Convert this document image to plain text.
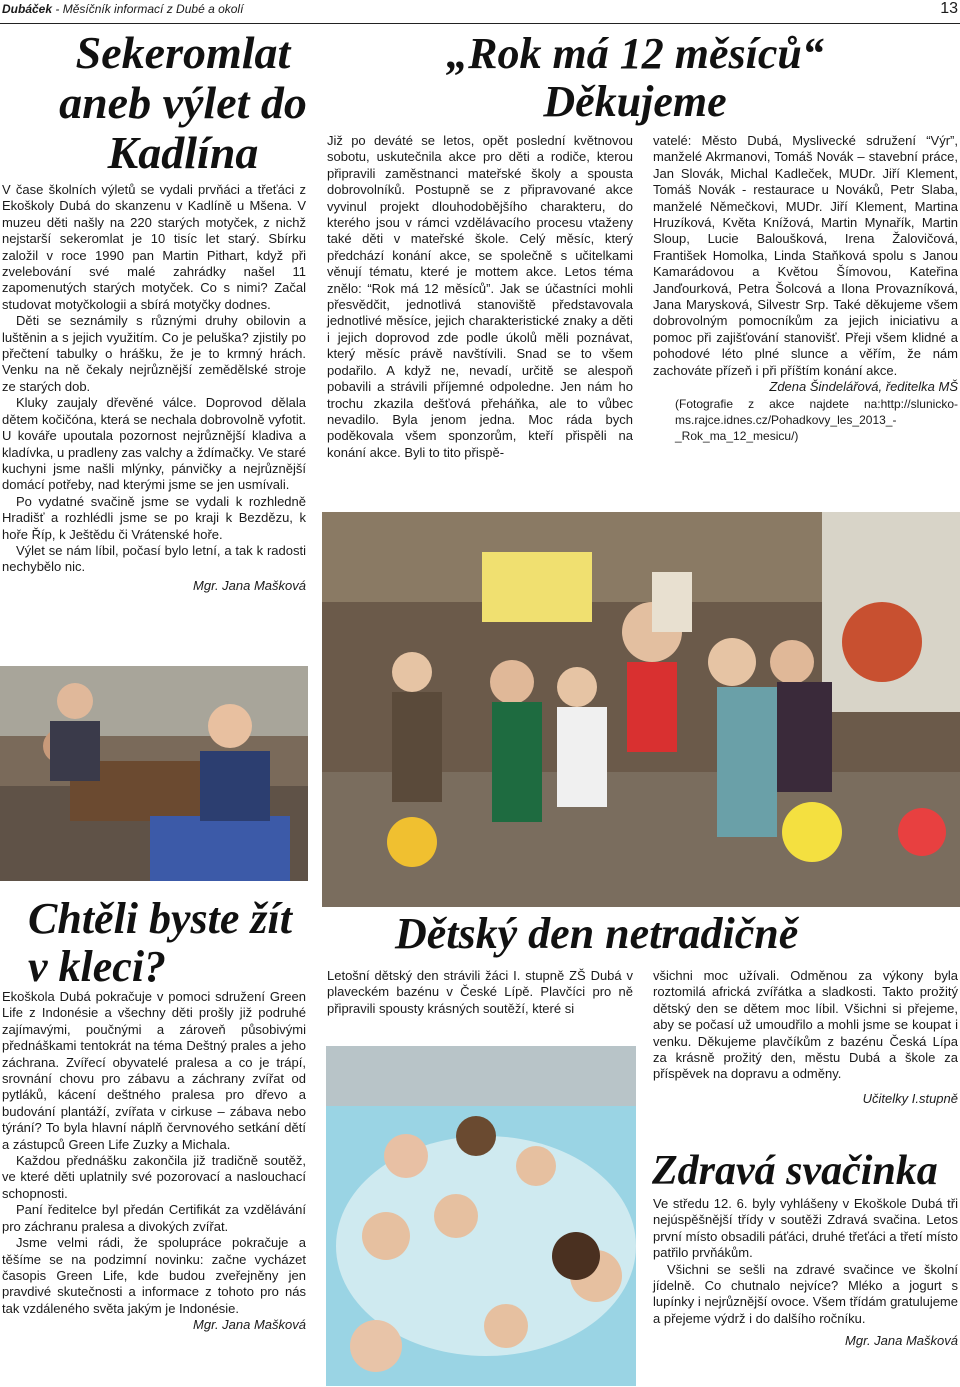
Dubáček - Měsíčník informací z Dubé a okolí	13
Sekeromlat aneb výlet do Kadlína

V čase školních výletů se vydali prvňáci a třeťáci z Ekoškoly Dubá do skanzenu v Kadlíně u Mšena. V muzeu děti našly na 220 starých motyček, z nichž nejstarší sekeromlat je 10 tisíc let starý. Sbírku založil v roce 1990 pan Martin Pithart, když při zvelebování své malé zahrádky našel 11 zapomenutých starých motyček. Co s nimi? Začal studovat motyčkologii a sbírá motyčky dodnes.

Děti se seznámily s různými druhy obilovin a luštěnin a s jejich využitím. Co je peluška? zjistily po přečtení tabulky o hrášku, že je to krmný hrách. Venku na ně čekaly nejrůznější zemědělské stroje ze starých dob.

Kluky zaujaly dřevěné válce. Doprovod dělala dětem kočičóna, která se nechala dobrovolně vyfotit. U kováře upoutala pozornost nejrůznější kladiva a kladívka, u pradleny zas valchy a ždímačky. Ve staré kuchyni jsme našli mlýnky, pánvičky a nejrůznější domácí potřeby, nad kterými jsme se jen usmívali.

Po vydatné svačině jsme se vydali k rozhledně Hradišť a rozhlédli jsme se po kraji k Bezdězu, k hoře Říp, k Ještědu či Vrátenské hoře.

Výlet se nám líbil, počasí bylo letní, a tak k radosti nechybělo nic.

Mgr. Jana Mašková

„Rok má 12 měsíců“ Děkujeme

Již po deváté se letos, opět poslední květnovou sobotu, uskutečnila akce pro děti a rodiče, kterou připravili zaměstnanci mateřské školy a spousta dobrovolníků. Postupně se z připravované akce vyvinul projekt dlouhodobějšího charakteru, do kterého jsou v rámci vzdělávacího procesu vtaženy také děti v mateřské škole. Celý měsíc, který předchází konání akce, se společně s učitelkami věnují tématu, které je mottem akce. Letos téma znělo: “Rok má 12 měsíců”. Jak se účastníci mohli přesvědčit, jednotlivá stanoviště představovala jednotlivé měsíce, jejich charakteristické znaky a děti i jejich doprovod zde podle úkolů měli poznávat, který měsíc právě navštívili. Snad se to všem podařilo. A když ne, nevadí, určitě se alespoň pobavili a strávili příjemné odpoledne. Jen nám ho trochu zkazila dešťová přeháňka, ale to vůbec nevadilo. Byla jenom jedna. Moc ráda bych poděkovala všem sponzorům, kteří přispěli na konání akce. Byli to tito přispě-

vatelé: Město Dubá, Myslivecké sdružení “Výr”, manželé Akrmanovi, Tomáš Novák – stavební práce, Jan Slovák, Michal Kadleček, MUDr. Jiří Klement, Tomáš Novák - restaurace u Nováků, Petr Slaba, manželé Němečkovi, MUDr. Jiří Klement, Martina Hruzíková, Květa Knížová, Martin Mynařík, Martin Sloup, Lucie Baloušková, Irena Žalovičová, František Homolka, Linda Staňková spolu s Janou Kamarádovou a Květou Šímovou, Kateřina Janďourková, Petra Šolcová a Ilona Provazníková, Jana Marysková, Silvestr Srp. Také děkujeme všem dobrovolným pomocníkům za jejich iniciativu a pomoc při zajišťování stanovišť. Přeji všem klidné a pohodové léto plné slunce a věřím, že nám zachováte přízeň i při příštím konání akce.

Zdena Šindelářová, ředitelka MŠ

(Fotografie z akce najdete na:http://slunicko-ms.rajce.idnes.cz/Pohadkovy_les_2013_-_Rok_ma_12_mesicu/)

Chtěli byste žít v kleci?

Ekoškola Dubá pokračuje v pomoci sdružení Green Life z Indonésie a všechny děti prošly již podruhé zajímavými, poučnými a zároveň působivými přednáškami tentokrát na téma Deštný prales a jeho záchrana. Zvířecí obyvatelé pralesa a co je trápí, srovnání chovu pro zábavu a záchrany zvířat od pytláků, kácení deštného pralesa pro dřevo a budování plantáží, zvířata v cirkuse – zábava nebo týrání? To byla hlavní náplň červnového setkání dětí a zástupců Green Life Zuzky a Michala.

Každou přednášku zakončila již tradičně soutěž, ve které děti uplatnily své pozorovací a naslouchací schopnosti.

Paní ředitelce byl předán Certifikát za vzdělávání pro záchranu pralesa a divokých zvířat.

Jsme velmi rádi, že spolupráce pokračuje a těšíme se na podzimní novinku: začne vycházet časopis Green Life, kde budou zveřejněny jen pravdivé skutečnosti a informace z tohoto pro nás tak vzdáleného světa jakým je Indonésie.

Mgr. Jana Mašková

Dětský den netradičně

Letošní dětský den strávili žáci I. stupně ZŠ Dubá v plaveckém bazénu v České Lípě. Plavčíci pro ně připravili spousty krásných soutěží, které si

všichni moc užívali. Odměnou za výkony byla roztomilá africká zvířátka a sladkosti. Takto prožitý dětský den se dětem moc líbil. Všichni si přejeme, aby se počasí už umoudřilo a mohli jsme se koupat i venku. Děkujeme plavčíkům z bazénu Česká Lípa za krásně prožitý den, městu Dubá a škole za příspěvek na dopravu a odměny.

Učitelky I.stupně

Zdravá svačinka

Ve středu 12. 6. byly vyhlášeny v Ekoškole Dubá tři nejúspěšnější třídy v soutěži Zdravá svačina. Letos první místo obsadili páťáci, druhé třeťáci a třetí místo patřilo prvňákům.

Všichni se sešli na zdravé svačince ve školní jídelně. Co chutnalo nejvíce? Mléko a jogurt s lupínky i nejrůznější ovoce. Všem třídám gratulujeme a přejeme výdrž i do dalšího ročníku.

Mgr. Jana Mašková
